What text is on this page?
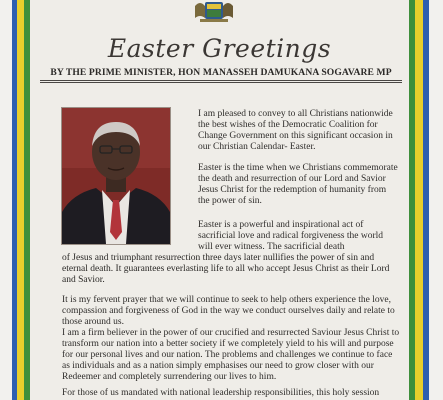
Easter Greetings
BY THE PRIME MINISTER, HON MANASSEH DAMUKANA SOGAVARE MP
I am pleased to convey to all Christians nationwide the best wishes of the Democratic Coalition for Change Government on this significant occasion in our Christian Calendar- Easter.
Easter is the time when we Christians commemorate the death and resurrection of our Lord and Savior Jesus Christ for the redemption of humanity from the power of sin.
Easter is a powerful and inspirational act of sacrificial love and radical forgiveness the world will ever witness. The sacrificial death
of Jesus and triumphant resurrection three days later nullifies the power of sin and eternal death. It guarantees everlasting life to all who accept Jesus Christ as their Lord and Savior.
It is my fervent prayer that we will continue to seek to help others experience the love, compassion and forgiveness of God in the way we conduct ourselves daily and relate to those around us.
I am a firm believer in the power of our crucified and resurrected Saviour Jesus Christ to transform our nation into a better society if we completely yield to his will and purpose for our personal lives and our nation. The problems and challenges we continue to face as individuals and as a nation simply emphasises our need to grow closer with our Redeemer and completely surrendering our lives to him.
For those of us mandated with national leadership responsibilities, this holy session
